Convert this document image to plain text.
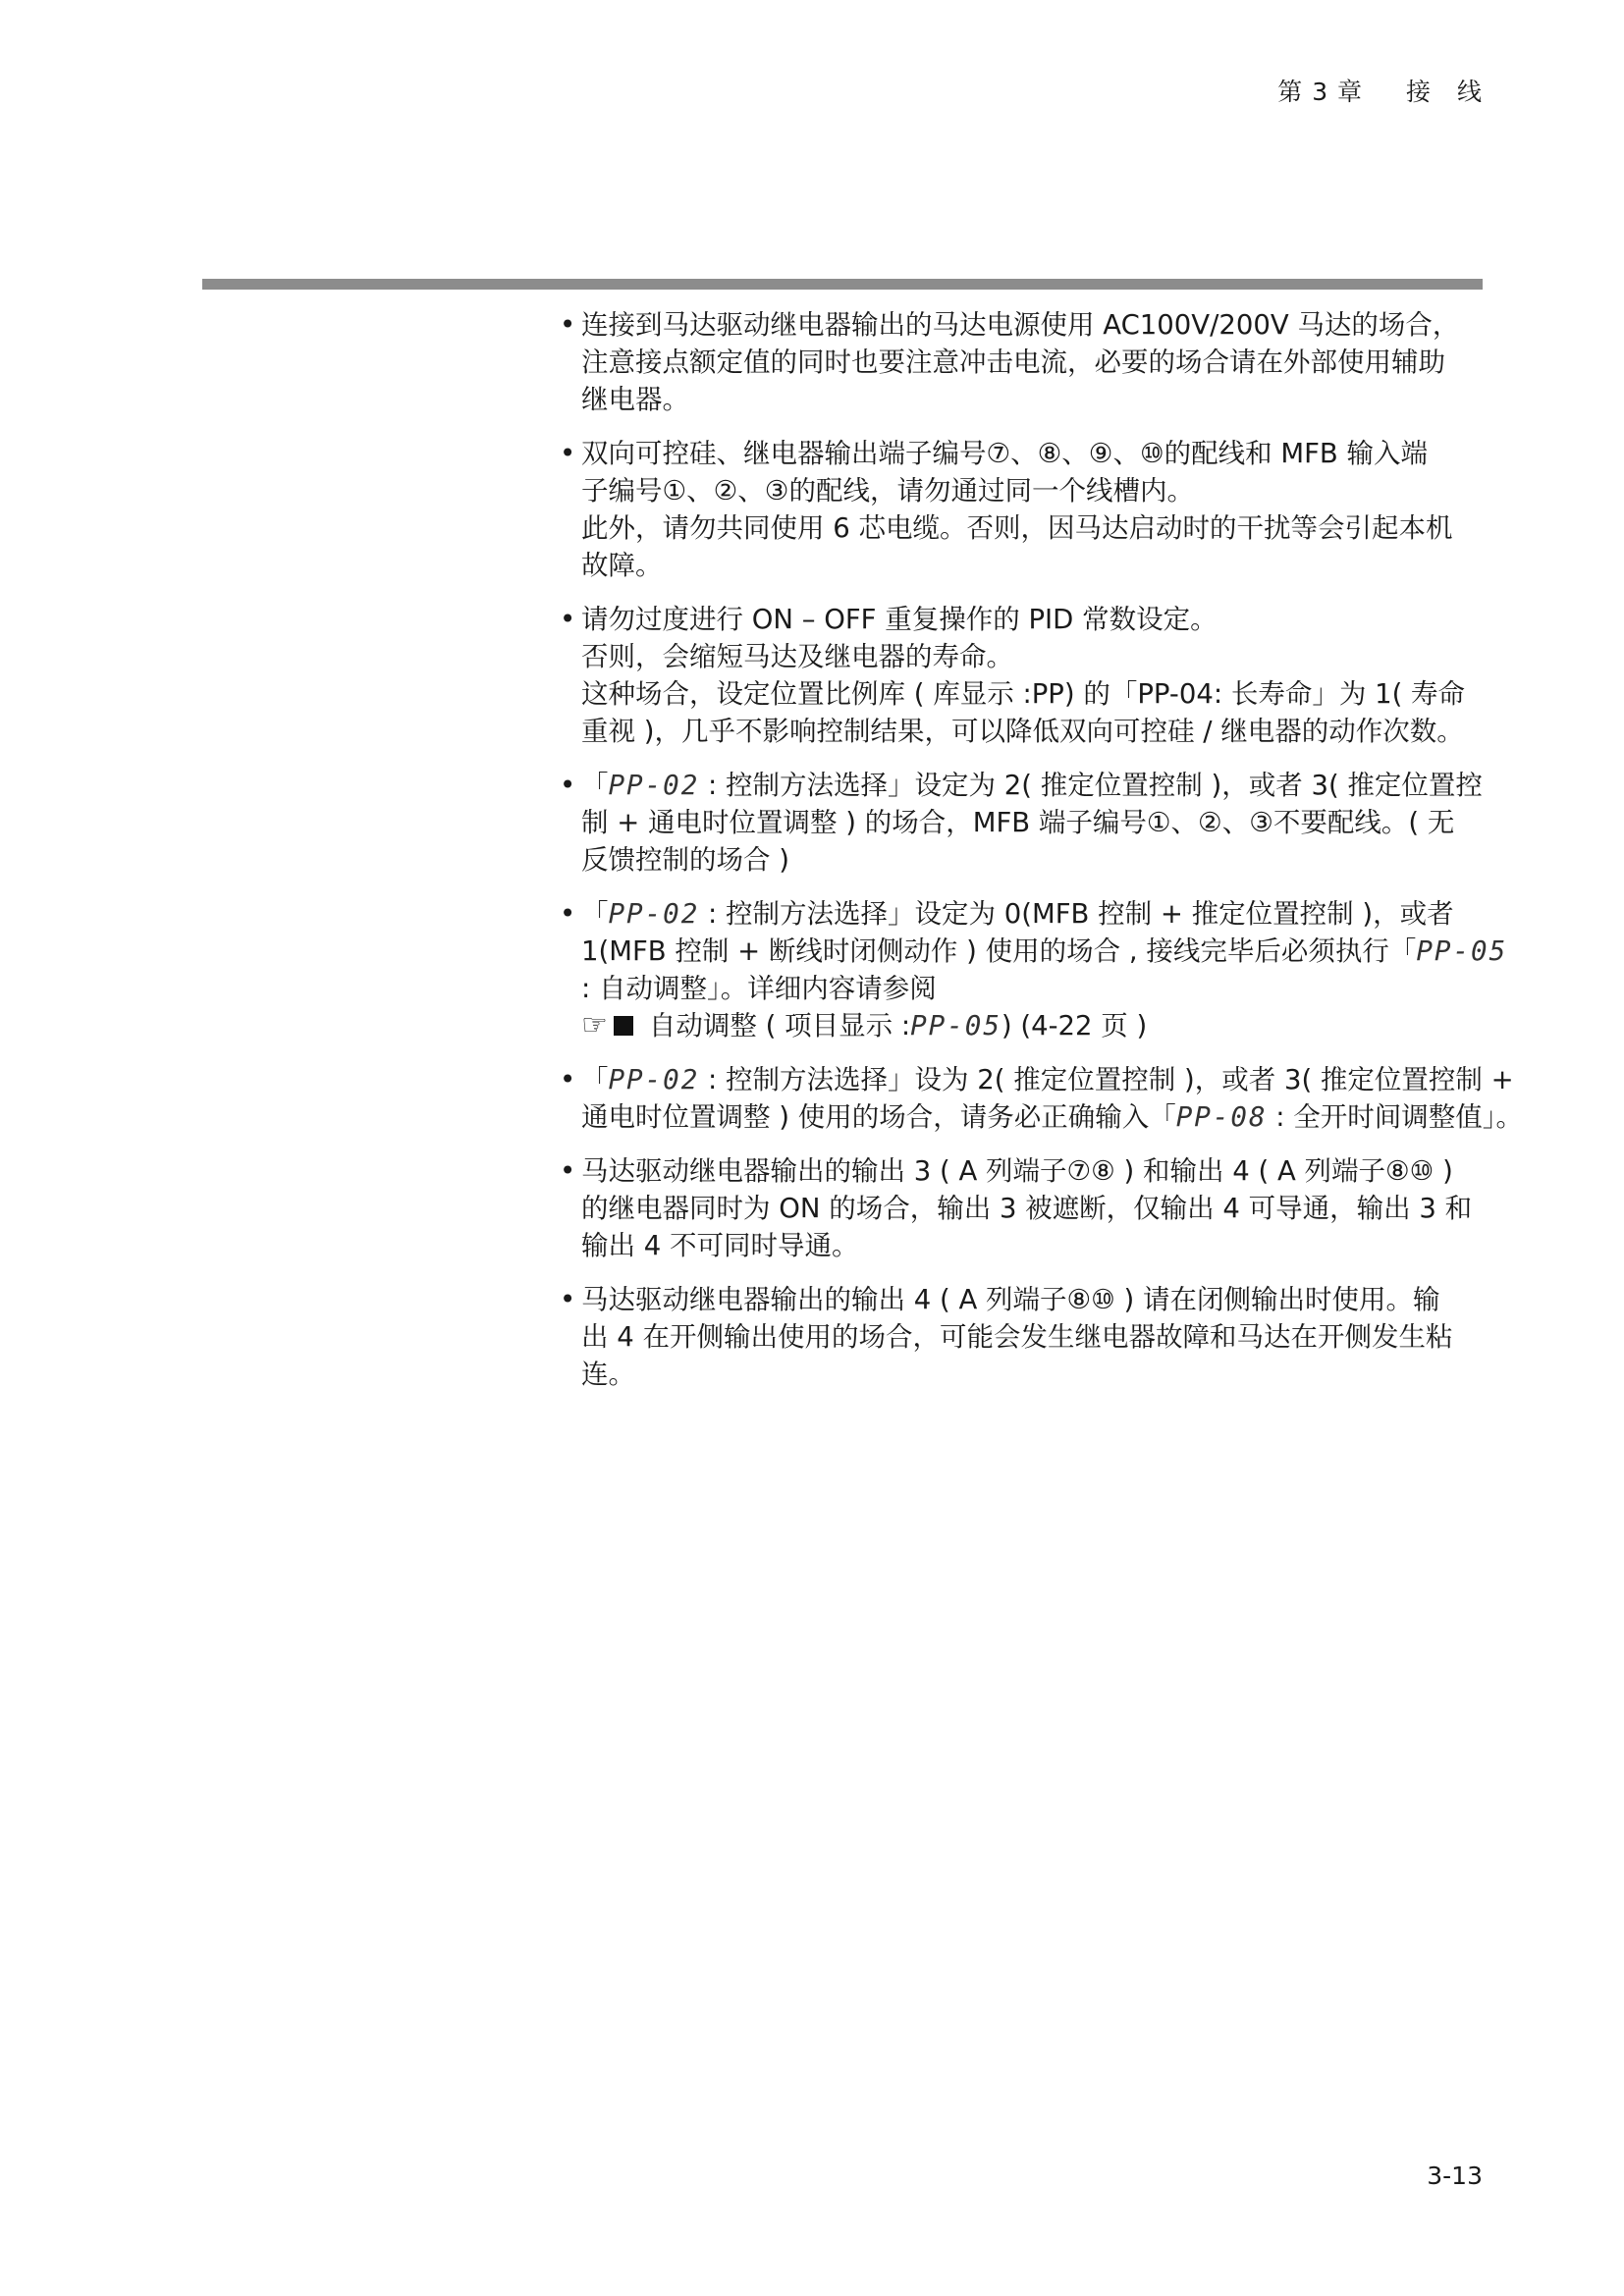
第 3 章 　 接　线
• 连接到马达驱动继电器输出的马达电源使用 AC100V/200V 马达的场合，
注意接点额定值的同时也要注意冲击电流，必要的场合请在外部使用辅助
继电器。
• 双向可控硅、继电器输出端子编号⑦、⑧、⑨、⑩的配线和 MFB 输入端
子编号①、②、③的配线，请勿通过同一个线槽内。
此外，请勿共同使用 6 芯电缆。否则，因马达启动时的干扰等会引起本机
故障。
• 请勿过度进行 ON – OFF 重复操作的 PID 常数设定。
否则，会缩短马达及继电器的寿命。
这种场合，设定位置比例库 ( 库显示 :PP) 的「PP-04: 长寿命」为 1( 寿命
重视 )，几乎不影响控制结果，可以降低双向可控硅 / 继电器的动作次数。
• 「PP-02 : 控制方法选择」设定为 2( 推定位置控制 )，或者 3( 推定位置控
制 + 通电时位置调整 ) 的场合，MFB 端子编号①、②、③不要配线。( 无
反馈控制的场合 )
• 「PP-02 : 控制方法选择」设定为 0(MFB 控制 + 推定位置控制 )，或者
1(MFB 控制 + 断线时闭侧动作 ) 使用的场合 , 接线完毕后必须执行「PP-05
: 自动调整」。详细内容请参阅
☞ 自动调整 ( 项目显示 :PP-05) (4-22 页 )
• 「PP-02 : 控制方法选择」设为 2( 推定位置控制 )，或者 3( 推定位置控制 +
通电时位置调整 ) 使用的场合，请务必正确输入「PP-08 : 全开时间调整值」。
• 马达驱动继电器输出的输出 3 ( A 列端子⑦⑧ ) 和输出 4 ( A 列端子⑧⑩ )
的继电器同时为 ON 的场合，输出 3 被遮断，仅输出 4 可导通，输出 3 和
输出 4 不可同时导通。
• 马达驱动继电器输出的输出 4 ( A 列端子⑧⑩ ) 请在闭侧输出时使用。输
出 4 在开侧输出使用的场合，可能会发生继电器故障和马达在开侧发生粘
连。
3-13
